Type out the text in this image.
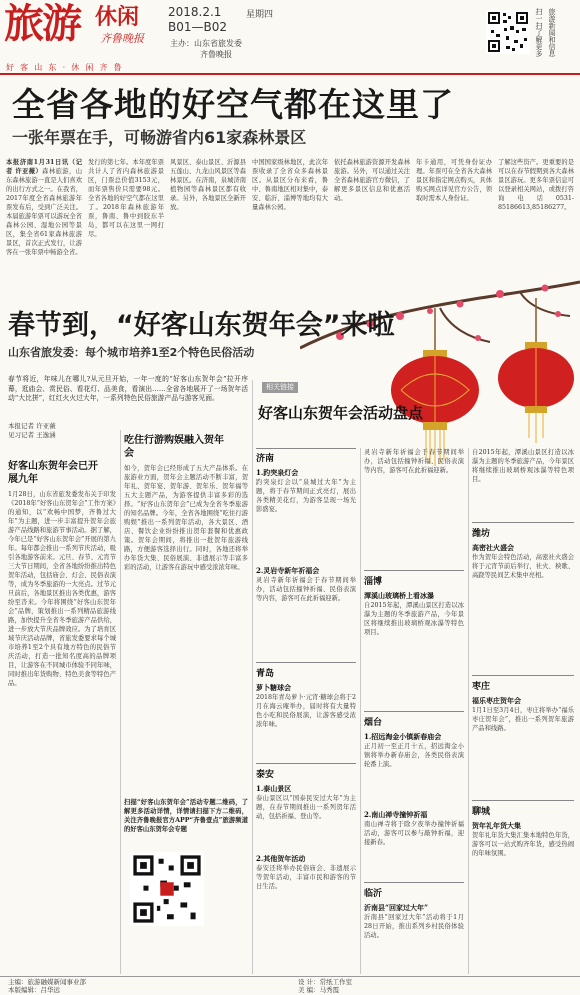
旅游 休闲
齐鲁晚报
2018.2.1	星期四
B01—B02
主办：山东省旅发委
齐鲁晚报
好 客 山 东 · 休 闲 齐 鲁
扫一扫了解更多 旅游新闻和信息
全省各地的好空气都在这里了
一张年票在手，可畅游省内61家森林景区
本报济南1月31日讯（记者 许亚薇）森林旅游，山东森林旅游一直是人们喜欢的出行方式之一。在我省，2017年度全省森林旅游年票发布后，受到广泛关注。本届旅游年票可以游玩全省森林公园、湿地公园等景区，集全省61家森林旅游景区，首次正式发行，让游客在一张年票中畅游全省。
发行的第七年。本年度年票共计人了省内森林旅游景区，门票总价值3153元，而年票售价只需要98元。全省各地的好空气都在这里了。2018年森林旅游年票，鲁南、鲁中到胶东半岛，都可以在这里一网打尽。
风景区、泰山景区、沂源县五莲山、九龙山风景区等森林景区。在济南，泉城济南植物园等森林景区都有收录。另外，各地景区全新开放。
中国国家级林地区，此次年票收录了全省众多森林景区。从景区分布来看，鲁中、鲁南地区相对集中，泰安、临沂、淄博等地均有大量森林公园。
依托森林旅游资源开发森林旅游。另外，可以通过关注全省森林旅游官方微信，了解更多景区信息和优惠活动。
年卡通用，可凭身份证办理。年票可在全省各大森林景区和指定网点购买，具体购买网点详见官方公告，领取时需本人身份证。
了解这些资产。更重要的是可以在春节假期到各大森林景区游玩。更多年票信息可以登录相关网站，或拨打咨询电话0531-85186613,85186277。
春节到，“好客山东贺年会”来啦
山东省旅发委：每个城市培养1至2个特色民俗活动
春节将近，年味儿在哪儿?从元旦开始，一年一度的“好客山东贺年会”拉开序幕，逛庙会、赏民俗、看花灯、品美食，看演出……全省各地展开了一场贺年活动“大比拼”，红红火火过大年，一系列特色民俗旅游产品与游客见面。
本报记者 许亚薇
见习记者 王逸涵
好客山东贺年会已开展九年
1月28日，山东省旅发委发布关于印发《2018年“好客山东贺年会”工作方案》的通知，以“欢畅中国梦，齐鲁过大年”为主题，进一步丰富提升贺年会旅游产品线路和旅游节事活动。据了解，今年已是“好客山东贺年会”开展的第九年。每年都会推出一系列节庆活动，吸引各地游客前来。元旦、春节、元宵节三大节日期间，全省各地纷纷推出特色贺年活动，包括庙会、灯会、民俗表演等，成为冬季旅游的一大亮点。过节元旦前后，各地景区推出各类优惠，游客纷至沓来。今年将围绕“好客山东贺年会”品牌，策划推出一系列精品旅游线路，加快提升全省冬季旅游产品供给，进一步放大节庆品牌效应。为了培育区域节庆活动品牌，省旅发委要求每个城市培养1至2个具有地方特色的民俗节庆活动，打造一批知名度高的品牌项目，让游客在不同城市体验不同年味，同时推出年货购物、特色美食等特色产品。
吃住行游购娱融入贺年会
如今，贺年会已经形成了五大产品体系。在旅游业方面，贺年会主题活动不断丰富，贺年礼、贺年宴、贺年游、贺年乐、贺年福等五大主题产品，为游客提供丰富多彩的选择。“好客山东贺年会”已成为全省冬季旅游的知名品牌。今年，全省各地围绕“吃住行游购娱”推出一系列贺年活动，各大景区、酒店、餐饮企业纷纷推出贺年套餐和优惠政策。贺年会期间，将推出一批贺年旅游线路，方便游客选择出行。同时，各地还将举办年货大集、民俗展演、非遗展示等丰富多彩的活动，让游客在游玩中感受浓浓年味。
扫描“好客山东贺年会”活动专题二维码，了解更多活动详情，详情请扫描下方二维码，关注齐鲁晚报官方APP“齐鲁壹点”旅游频道的好客山东贺年会专题
相关链接
好客山东贺年会活动盘点
济南
1.趵突泉灯会
趵突泉灯会以“泉城过大年”为主题，将于春节期间正式亮灯，展出各类精美花灯，为游客呈现一场光影盛宴。
2.灵岩寺新年祈福会
灵岩寺新年祈福会于春节期间举办，活动包括撞钟祈福、民俗表演等内容，游客可在此祈福迎新。
青岛
萝卜糖球会
2018年青岛萝卜·元宵·糖球会将于2月在海云庵举办，届时将有大量特色小吃和民俗展演，让游客感受浓浓年味。
泰安
1.泰山景区
泰山景区以“国泰民安过大年”为主题，在春节期间推出一系列贺年活动，包括祈福、登山等。
2.其他贺年活动
泰安还将举办民俗庙会、非遗展示等贺年活动，丰富市民和游客的节日生活。
灵岩寺新年祈福会于春节期间举办，活动包括撞钟祈福、民俗表演等内容，游客可在此祈福迎新。
淄博
潭溪山玻璃桥上看冰瀑
自2015年起，潭溪山景区打造以冰瀑为主题的冬季旅游产品，今年景区将继续推出玻璃桥观冰瀑等特色项目。
烟台
1.招远淘金小镇新春庙会
正月初一至正月十五，招远淘金小镇将举办新春庙会，各类民俗表演轮番上演。
2.南山禅寺撞钟祈福
南山禅寺将于除夕夜举办撞钟祈福活动，游客可以参与敲钟祈福，迎接新春。
临沂
沂南县“回家过大年”
沂南县“回家过大年”活动将于1月28日开始，推出系列乡村民俗体验活动。
自2015年起，潭溪山景区打造以冰瀑为主题的冬季旅游产品，今年景区将继续推出玻璃桥观冰瀑等特色项目。
潍坊
高密社火盛会
作为贺年会特色活动，高密社火盛会将于元宵节前后举行，社火、秧歌、高跷等民间艺术集中亮相。
枣庄
福乐枣庄贺年会
1月1日至3月4日，枣庄将举办“福乐枣庄贺年会”，推出一系列贺年旅游产品和线路。
聊城
贺年礼年货大集
贺年礼年货大集汇集本地特色年货，游客可以一站式购齐年货，感受热闹的年味氛围。
主编：旅游融媒新闻事业部
本版编辑：吕华远
设 计：常纸工作室
美 编：马秀霞
